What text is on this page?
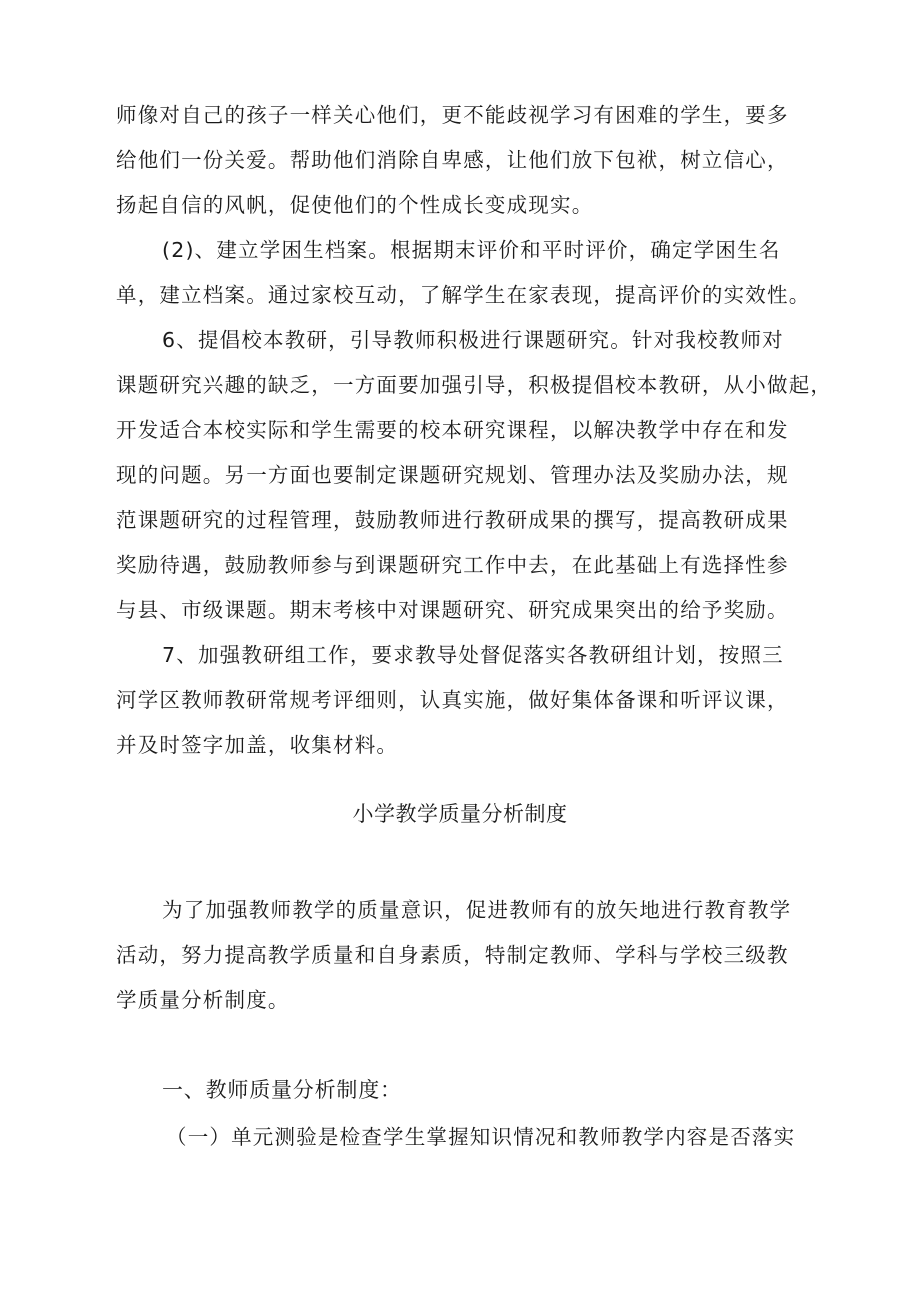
师像对自己的孩子一样关心他们，更不能歧视学习有困难的学生，要多
给他们一份关爱。帮助他们消除自卑感，让他们放下包袱，树立信心，
扬起自信的风帆，促使他们的个性成长变成现实。
(2)、建立学困生档案。根据期末评价和平时评价，确定学困生名
单，建立档案。通过家校互动，了解学生在家表现，提高评价的实效性。
6、提倡校本教研，引导教师积极进行课题研究。针对我校教师对
课题研究兴趣的缺乏，一方面要加强引导，积极提倡校本教研，从小做起，
开发适合本校实际和学生需要的校本研究课程，以解决教学中存在和发
现的问题。另一方面也要制定课题研究规划、管理办法及奖励办法，规
范课题研究的过程管理，鼓励教师进行教研成果的撰写，提高教研成果
奖励待遇，鼓励教师参与到课题研究工作中去，在此基础上有选择性参
与县、市级课题。期末考核中对课题研究、研究成果突出的给予奖励。
7、加强教研组工作，要求教导处督促落实各教研组计划，按照三
河学区教师教研常规考评细则，认真实施，做好集体备课和听评议课，
并及时签字加盖，收集材料。
小学教学质量分析制度
为了加强教师教学的质量意识，促进教师有的放矢地进行教育教学
活动，努力提高教学质量和自身素质，特制定教师、学科与学校三级教
学质量分析制度。
一、教师质量分析制度：
（一）单元测验是检查学生掌握知识情况和教师教学内容是否落实
